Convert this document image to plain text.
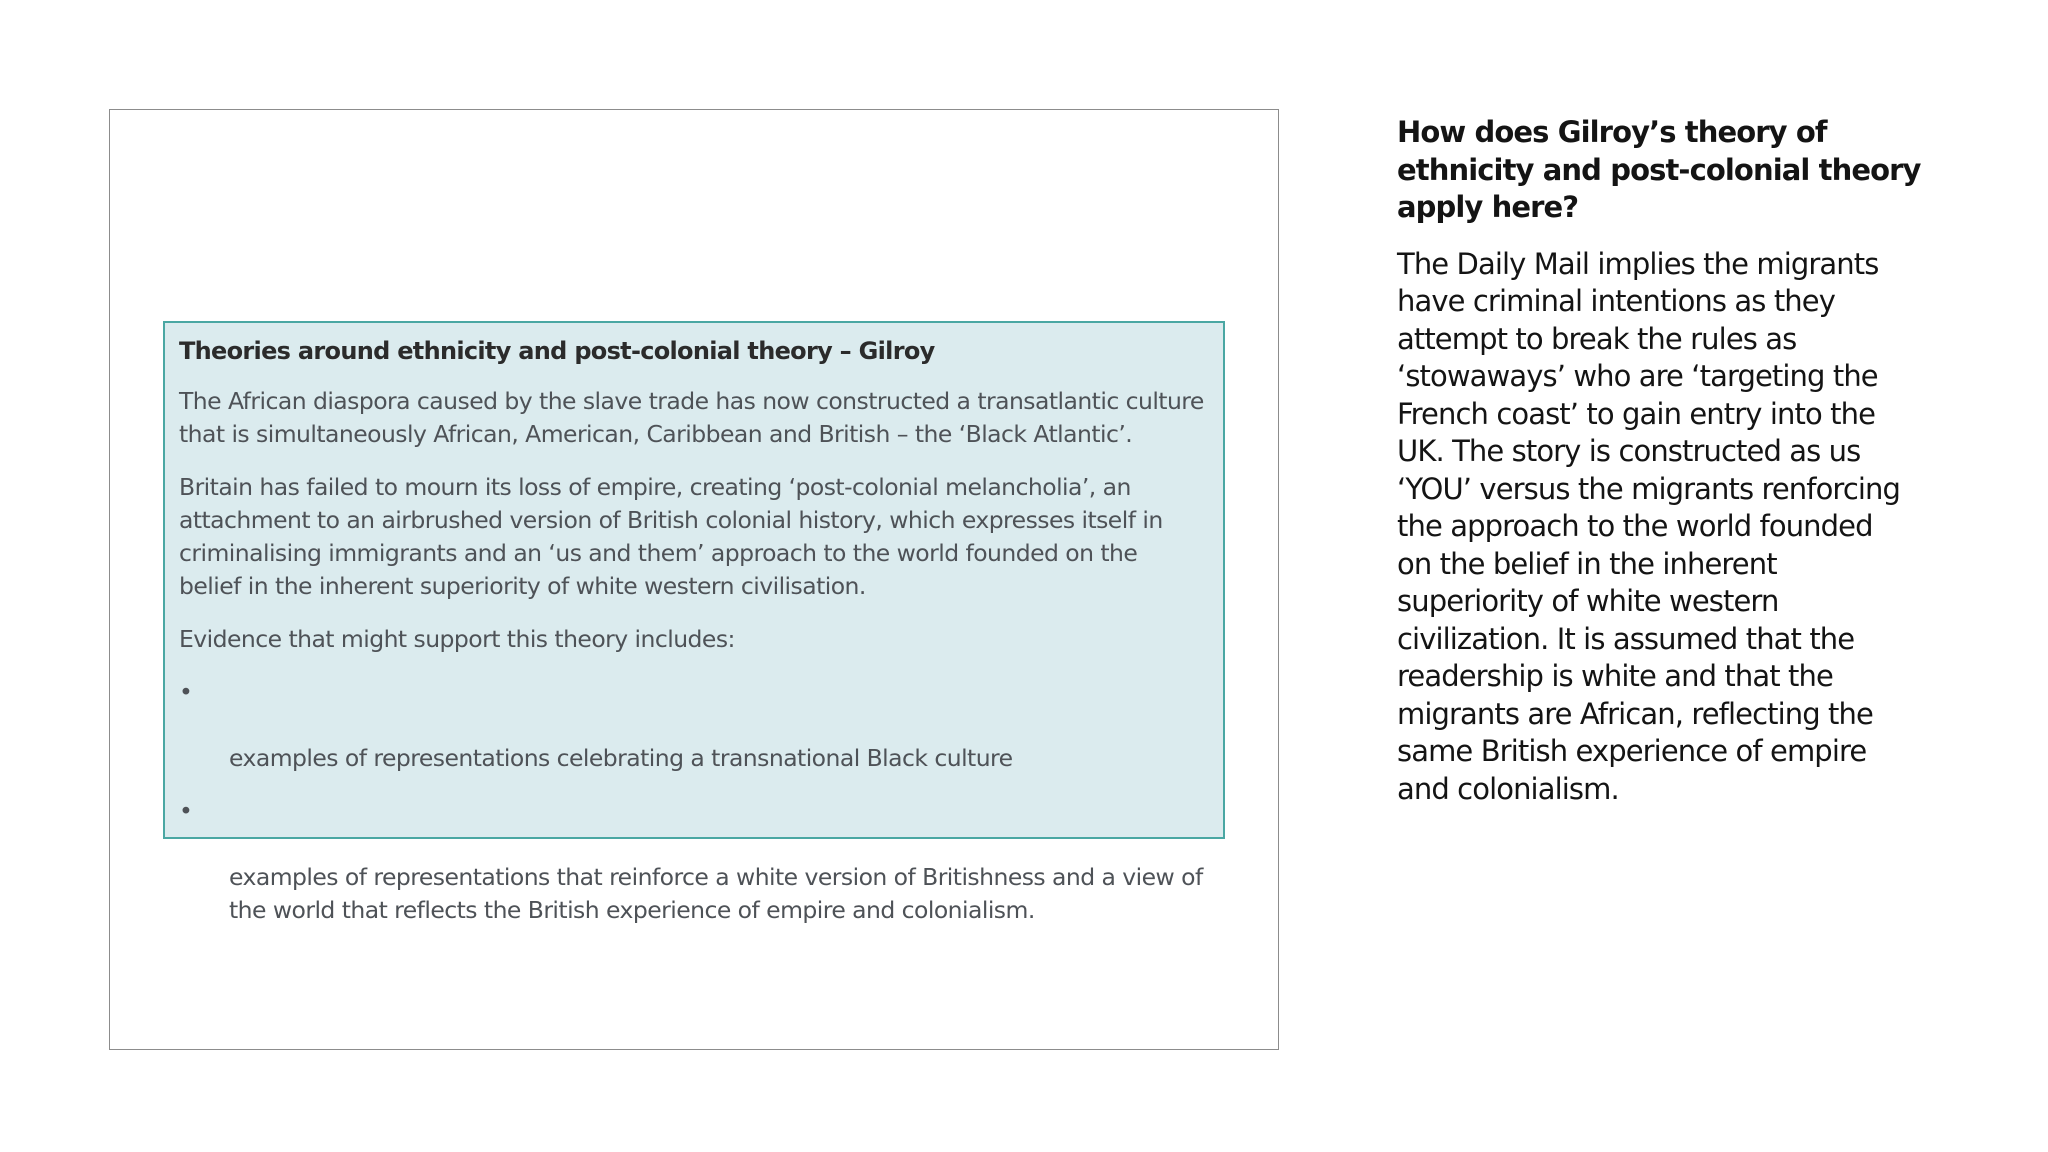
Theories around ethnicity and post-colonial theory – Gilroy

The African diaspora caused by the slave trade has now constructed a transatlantic culture
that is simultaneously African, American, Caribbean and British – the ‘Black Atlantic’.

Britain has failed to mourn its loss of empire, creating ‘post-colonial melancholia’, an
attachment to an airbrushed version of British colonial history, which expresses itself in
criminalising immigrants and an ‘us and them’ approach to the world founded on the
belief in the inherent superiority of white western civilisation.

Evidence that might support this theory includes:

•

examples of representations celebrating a transnational Black culture

•

examples of representations that reinforce a white version of Britishness and a view of
the world that reflects the British experience of empire and colonialism.

How does Gilroy’s theory of
ethnicity and post-colonial theory
apply here?

The Daily Mail implies the migrants
have criminal intentions as they
attempt to break the rules as
‘stowaways’ who are ‘targeting the
French coast’ to gain entry into the
UK. The story is constructed as us
‘YOU’ versus the migrants renforcing
the approach to the world founded
on the belief in the inherent
superiority of white western
civilization. It is assumed that the
readership is white and that the
migrants are African, reflecting the
same British experience of empire
and colonialism.
